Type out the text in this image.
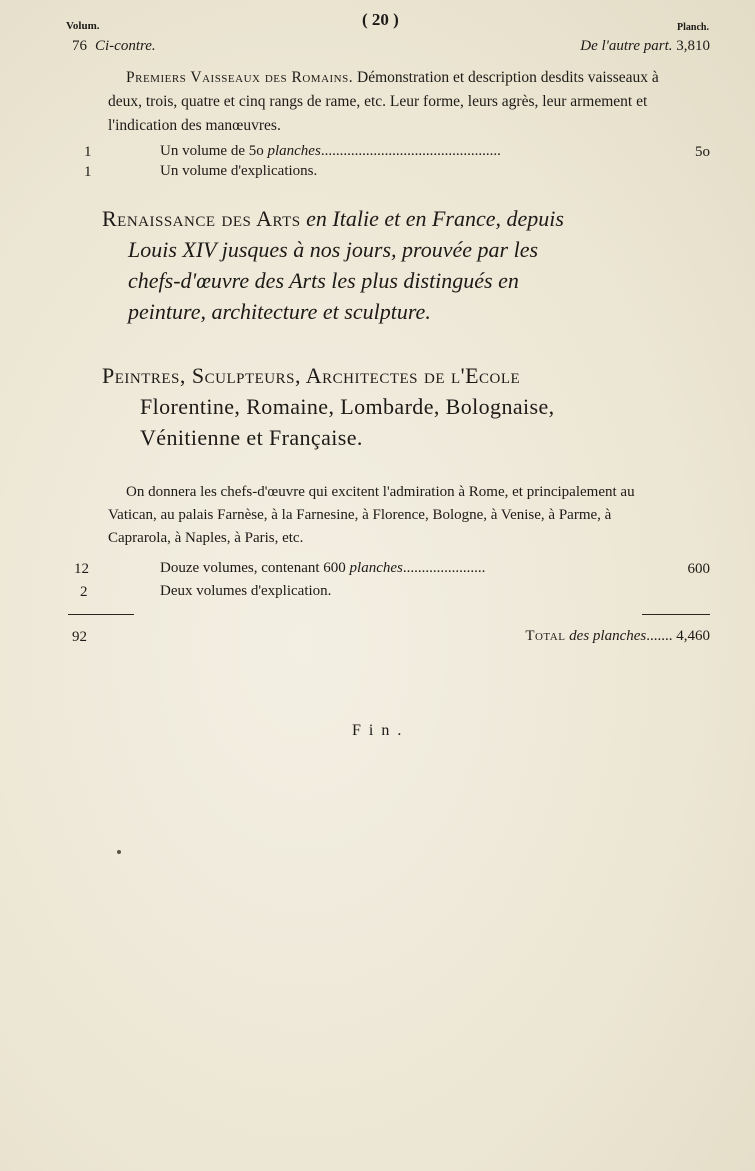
Volum.	( 20 )	Planch.
76 Ci-contre.	De l'autre part. 3,810
Premiers Vaisseaux des Romains. Démonstration et description desdits vaisseaux à deux, trois, quatre et cinq rangs de rame, etc. Leur forme, leurs agrès, leur armement et l'indication des manœuvres.
1	Un volume de 5o planches................................................	5o
1	Un volume d'explications.
Renaissance des Arts en Italie et en France, depuis
Louis XIV jusques à nos jours, prouvée par les
chefs-d'œuvre des Arts les plus distingués en
peinture, architecture et sculpture.
Peintres, Sculpteurs, Architectes de l'Ecole
Florentine, Romaine, Lombarde, Bolognaise,
Vénitienne et Française.
On donnera les chefs-d'œuvre qui excitent l'admiration à Rome, et principalement au Vatican, au palais Farnèse, à la Farnesine, à Florence, Bologne, à Venise, à Parme, à Caprarola, à Naples, à Paris, etc.
12	Douze volumes, contenant 600 planches......................	600
2	Deux volumes d'explication.
92	Total des planches....... 4,460
Fin.
